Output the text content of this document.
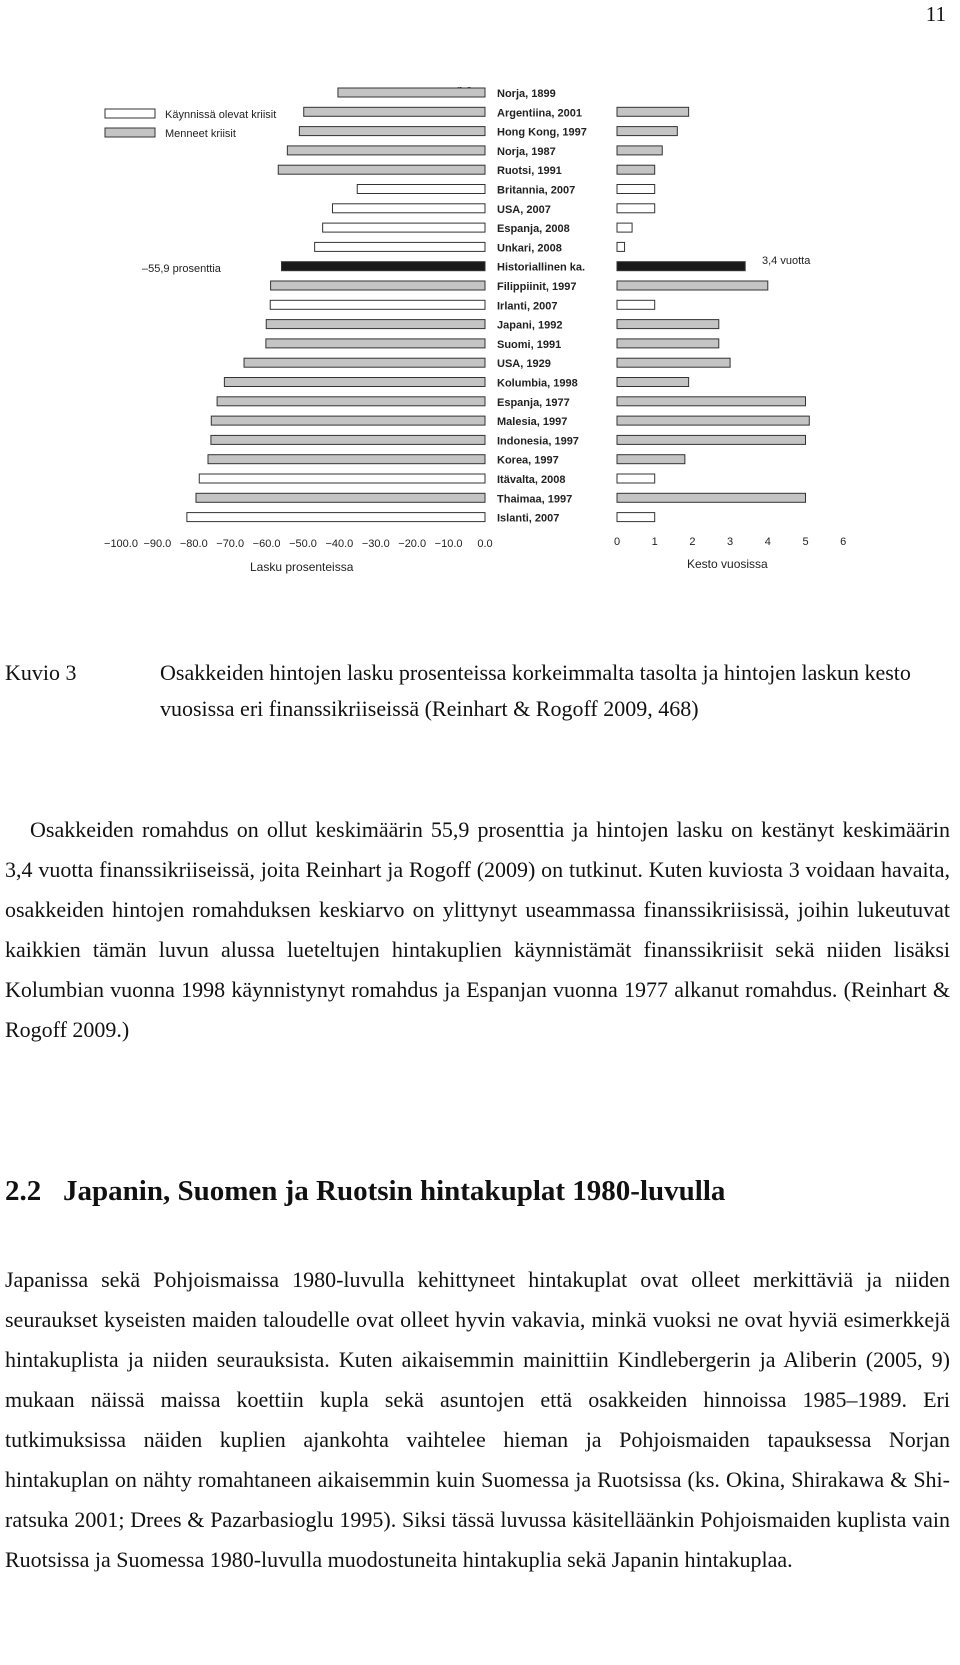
11
Käynnissä olevat kriisit
Menneet kriisit
–55,9 prosenttia
3,4 vuotta
Lasku prosenteissa	Kesto vuosissa
Norja, 1899
Argentiina, 2001
Hong Kong, 1997
Norja, 1987
Ruotsi, 1991
Britannia, 2007
USA, 2007
Espanja, 2008
Unkari, 2008
Historiallinen ka.
Filippiinit, 1997
Irlanti, 2007
Japani, 1992
Suomi, 1991
USA, 1929
Kolumbia, 1998
Espanja, 1977
Malesia, 1997
Indonesia, 1997
Korea, 1997
Itävalta, 2008
Thaimaa, 1997
Islanti, 2007
−100.0 −90.0 −80.0 −70.0 −60.0 −50.0 −40.0 −30.0 −20.0 −10.0 0.0	0	1	2	3	4	5	6
Kuvio 3	Osakkeiden hintojen lasku prosenteissa korkeimmalta tasolta ja hintojen laskun kesto vuosissa eri finanssikriiseissä (Reinhart & Rogoff 2009, 468)
Osakkeiden romahdus on ollut keskimäärin 55,9 prosenttia ja hintojen lasku on kestänyt keskimäärin 3,4 vuotta finanssikriiseissä, joita Reinhart ja Rogoff (2009) on tutkinut. Kuten kuviosta 3 voidaan havaita, osakkeiden hintojen romahduksen keskiarvo on ylittynyt useammassa finanssikriisissä, joihin lukeutuvat kaikkien tämän luvun alussa lueteltujen hintakuplien käynnistämät finanssikriisit sekä niiden lisäksi Kolumbian vuonna 1998 käynnistynyt romahdus ja Espanjan vuonna 1977 alkanut romahdus. (Reinhart & Rogoff 2009.)
2.2 Japanin, Suomen ja Ruotsin hintakuplat 1980-luvulla
Japanissa sekä Pohjoismaissa 1980-luvulla kehittyneet hintakuplat ovat olleet merkittäviä ja niiden seuraukset kyseisten maiden taloudelle ovat olleet hyvin vakavia, minkä vuoksi ne ovat hyviä esimerkkejä hintakuplista ja niiden seurauksista. Kuten aikaisemmin mainittiin Kindlebergerin ja Aliberin (2005, 9) mukaan näissä maissa koettiin kupla sekä asuntojen että osakkeiden hinnoissa 1985–1989. Eri tutkimuksissa näiden kuplien ajankohta vaihtelee hieman ja Pohjoismaiden tapauksessa Norjan hintakuplan on nähty romahtaneen aikaisemmin kuin Suomessa ja Ruotsissa (ks. Okina, Shirakawa & Shiratsuka 2001; Drees & Pazarbasioglu 1995). Siksi tässä luvussa käsitelläänkin Pohjoismaiden kuplista vain Ruotsissa ja Suomessa 1980-luvulla muodostuneita hintakuplia sekä Japanin hintakuplaa.
